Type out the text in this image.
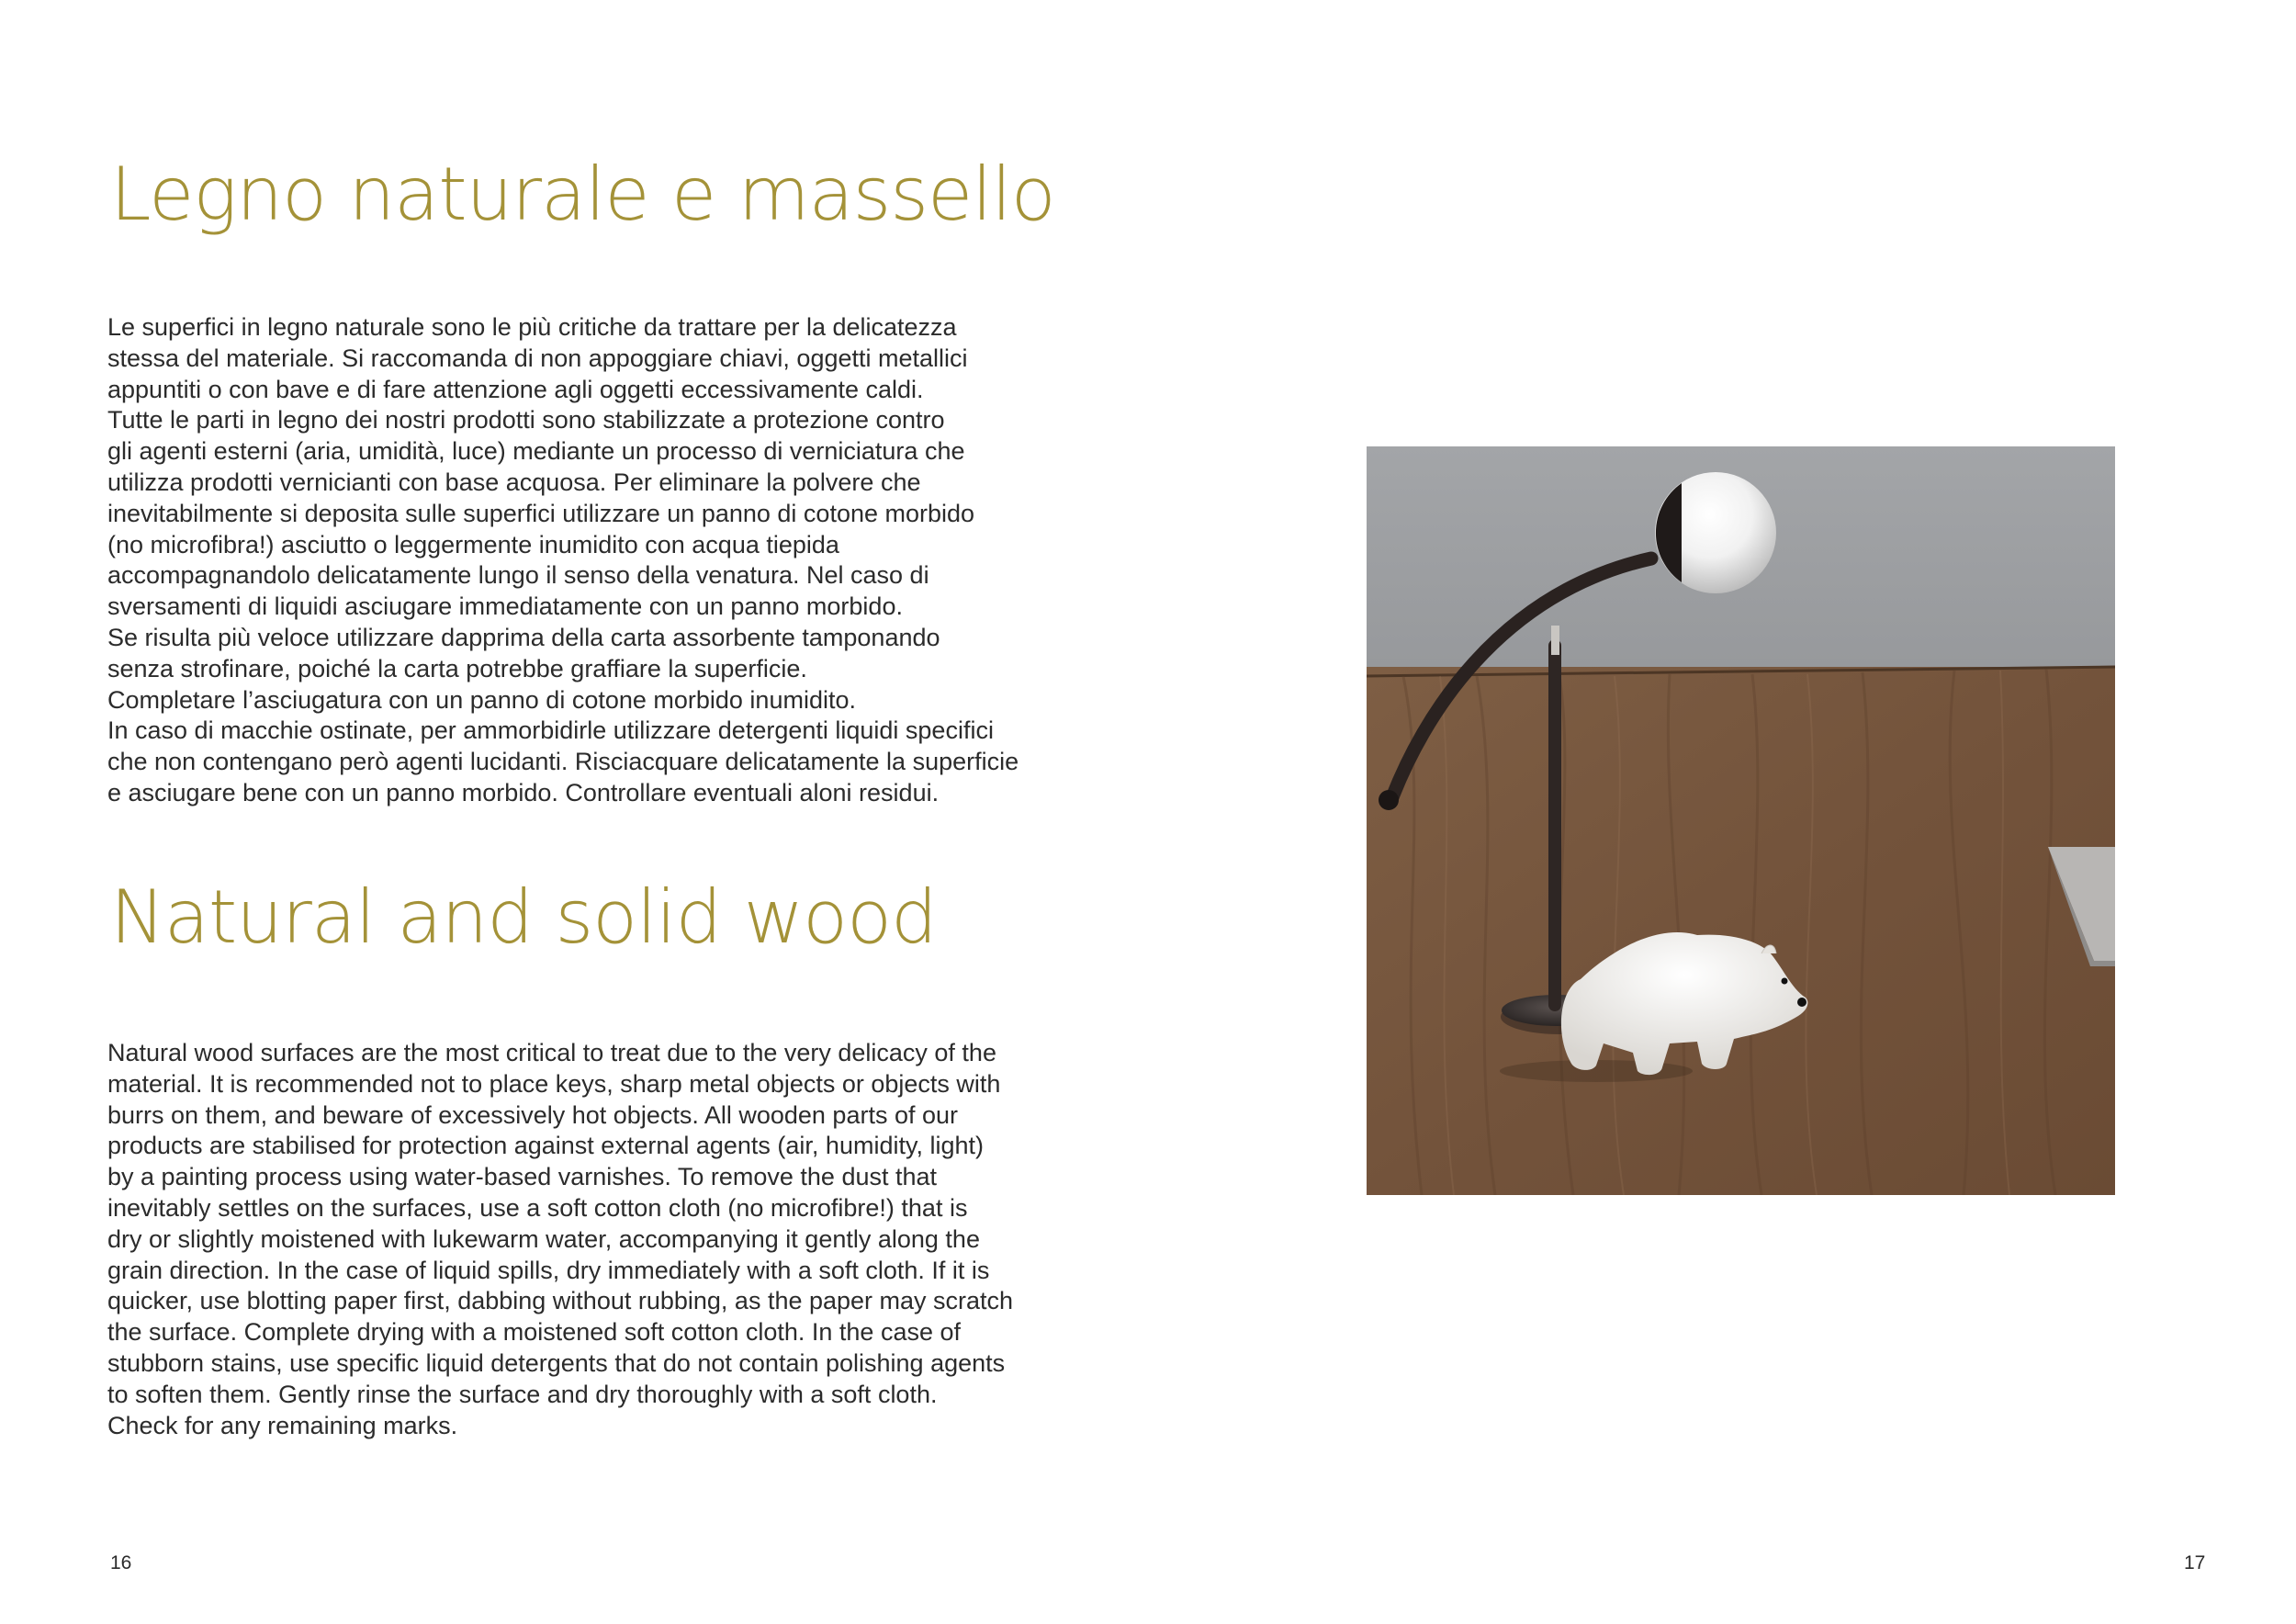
Legno naturale e massello
Le superfici in legno naturale sono le più critiche da trattare per la delicatezza
stessa del materiale. Si raccomanda di non appoggiare chiavi, oggetti metallici
appuntiti o con bave e di fare attenzione agli oggetti eccessivamente caldi.
Tutte le parti in legno dei nostri prodotti sono stabilizzate a protezione contro
gli agenti esterni (aria, umidità, luce) mediante un processo di verniciatura che
utilizza prodotti vernicianti con base acquosa. Per eliminare la polvere che
inevitabilmente si deposita sulle superfici utilizzare un panno di cotone morbido
(no microfibra!) asciutto o leggermente inumidito con acqua tiepida
accompagnandolo delicatamente lungo il senso della venatura. Nel caso di
sversamenti di liquidi asciugare immediatamente con un panno morbido.
Se risulta più veloce utilizzare dapprima della carta assorbente tamponando
senza strofinare, poiché la carta potrebbe graffiare la superficie.
Completare l’asciugatura con un panno di cotone morbido inumidito.
In caso di macchie ostinate, per ammorbidirle utilizzare detergenti liquidi specifici
che non contengano però agenti lucidanti. Risciacquare delicatamente la superficie
e asciugare bene con un panno morbido. Controllare eventuali aloni residui.
Natural and solid wood
Natural wood surfaces are the most critical to treat due to the very delicacy of the
material. It is recommended not to place keys, sharp metal objects or objects with
burrs on them, and beware of excessively hot objects. All wooden parts of our
products are stabilised for protection against external agents (air, humidity, light)
by a painting process using water-based varnishes. To remove the dust that
inevitably settles on the surfaces, use a soft cotton cloth (no microfibre!) that is
dry or slightly moistened with lukewarm water, accompanying it gently along the
grain direction. In the case of liquid spills, dry immediately with a soft cloth. If it is
quicker, use blotting paper first, dabbing without rubbing, as the paper may scratch
the surface. Complete drying with a moistened soft cotton cloth. In the case of
stubborn stains, use specific liquid detergents that do not contain polishing agents
to soften them. Gently rinse the surface and dry thoroughly with a soft cloth.
Check for any remaining marks.
16	17
